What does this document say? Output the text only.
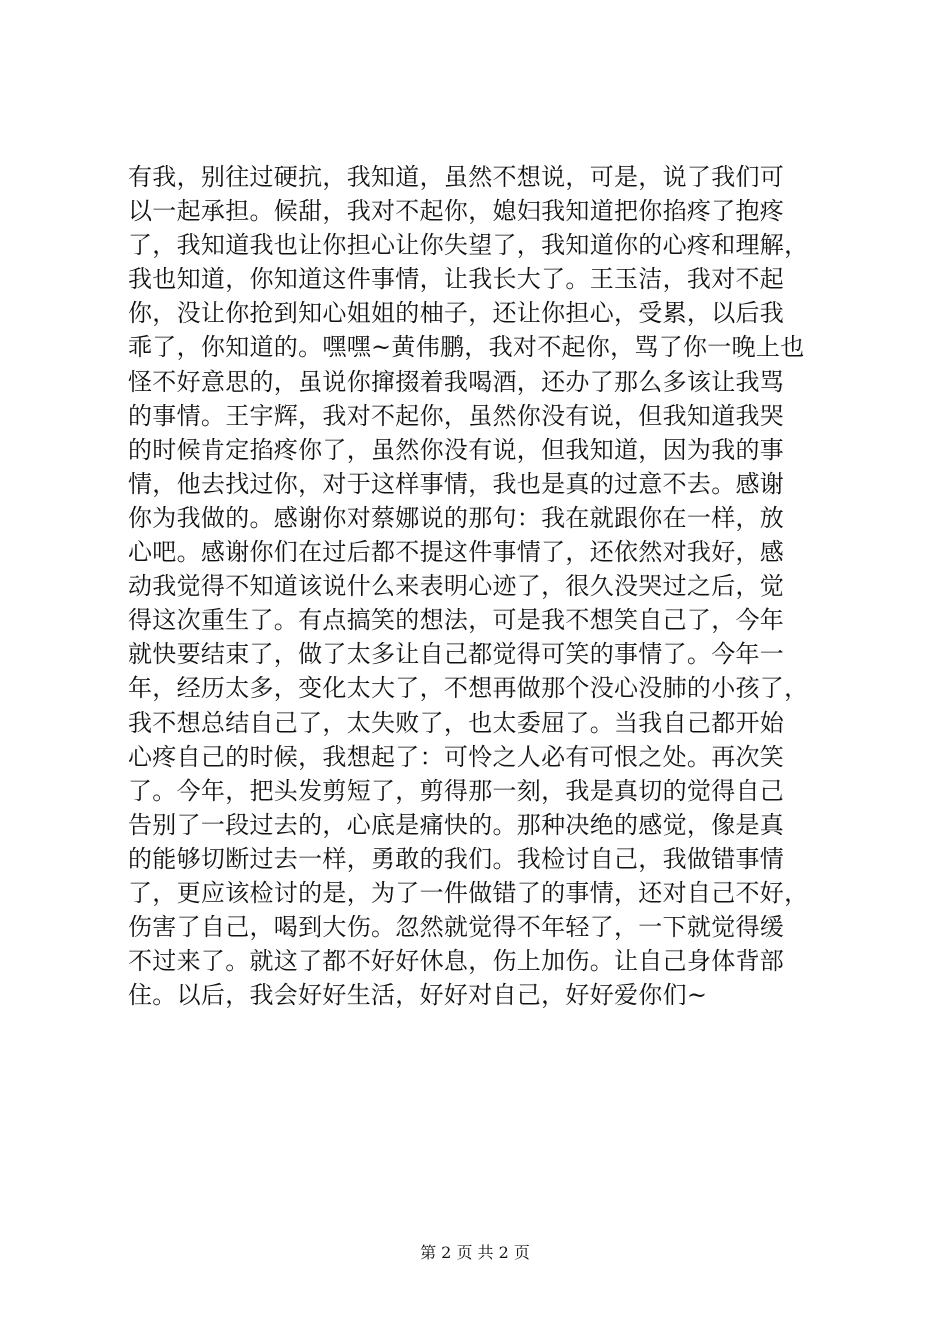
有我，别往过硬抗，我知道，虽然不想说，可是，说了我们可
以一起承担。候甜，我对不起你，媳妇我知道把你掐疼了抱疼
了，我知道我也让你担心让你失望了，我知道你的心疼和理解，
我也知道，你知道这件事情，让我长大了。王玉洁，我对不起
你，没让你抢到知心姐姐的柚子，还让你担心，受累，以后我
乖了，你知道的。嘿嘿~黄伟鹏，我对不起你，骂了你一晚上也
怪不好意思的，虽说你撺掇着我喝酒，还办了那么多该让我骂
的事情。王宇辉，我对不起你，虽然你没有说，但我知道我哭
的时候肯定掐疼你了，虽然你没有说，但我知道，因为我的事
情，他去找过你，对于这样事情，我也是真的过意不去。感谢
你为我做的。感谢你对蔡娜说的那句：我在就跟你在一样，放
心吧。感谢你们在过后都不提这件事情了，还依然对我好，感
动我觉得不知道该说什么来表明心迹了，很久没哭过之后，觉
得这次重生了。有点搞笑的想法，可是我不想笑自己了，今年
就快要结束了，做了太多让自己都觉得可笑的事情了。今年一
年，经历太多，变化太大了，不想再做那个没心没肺的小孩了，
我不想总结自己了，太失败了，也太委屈了。当我自己都开始
心疼自己的时候，我想起了：可怜之人必有可恨之处。再次笑
了。今年，把头发剪短了，剪得那一刻，我是真切的觉得自己
告别了一段过去的，心底是痛快的。那种决绝的感觉，像是真
的能够切断过去一样，勇敢的我们。我检讨自己，我做错事情
了，更应该检讨的是，为了一件做错了的事情，还对自己不好，
伤害了自己，喝到大伤。忽然就觉得不年轻了，一下就觉得缓
不过来了。就这了都不好好休息，伤上加伤。让自己身体背部
住。以后，我会好好生活，好好对自己，好好爱你们~
第 2 页 共 2 页
